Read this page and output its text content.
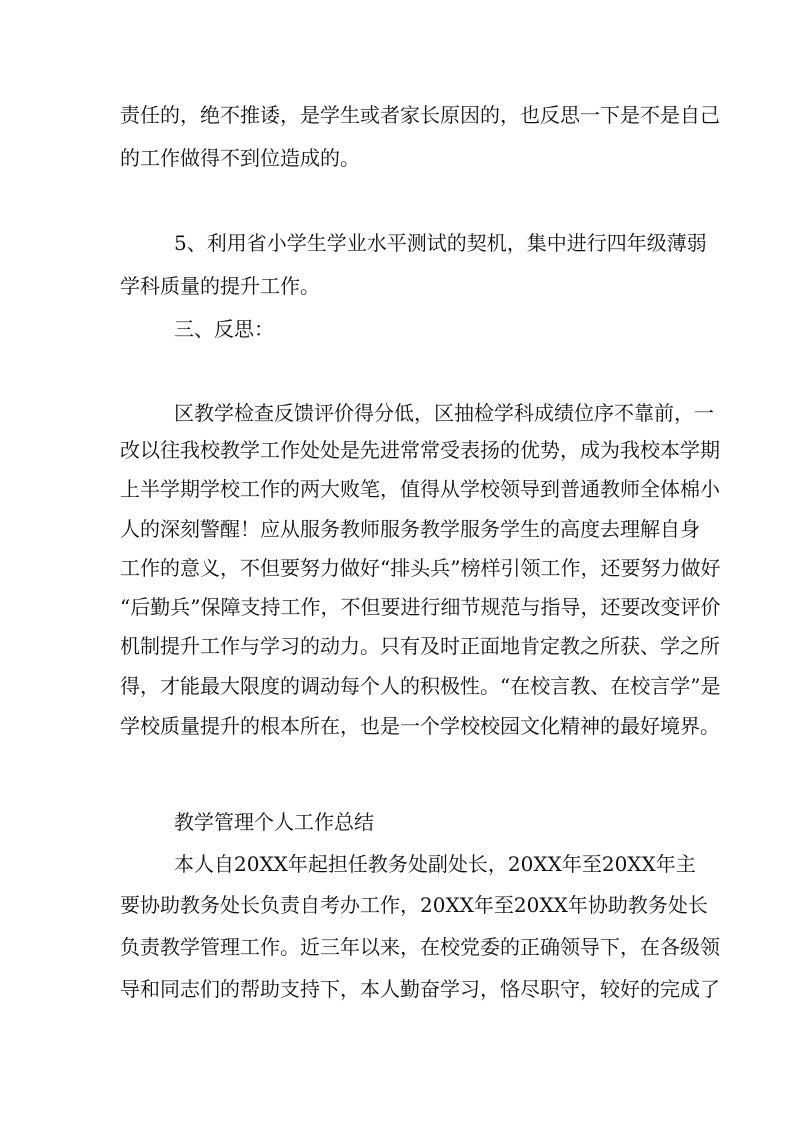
责任的，绝不推诿，是学生或者家长原因的，也反思一下是不是自己
的工作做得不到位造成的。
5、利用省小学生学业水平测试的契机，集中进行四年级薄弱
学科质量的提升工作。
三、反思：
区教学检查反馈评价得分低，区抽检学科成绩位序不靠前，一
改以往我校教学工作处处是先进常常受表扬的优势，成为我校本学期
上半学期学校工作的两大败笔，值得从学校领导到普通教师全体棉小
人的深刻警醒！应从服务教师服务教学服务学生的高度去理解自身
工作的意义，不但要努力做好“排头兵”榜样引领工作，还要努力做好
“后勤兵”保障支持工作，不但要进行细节规范与指导，还要改变评价
机制提升工作与学习的动力。只有及时正面地肯定教之所获、学之所
得，才能最大限度的调动每个人的积极性。“在校言教、在校言学”是
学校质量提升的根本所在，也是一个学校校园文化精神的最好境界。
教学管理个人工作总结
本人自20XX年起担任教务处副处长，20XX年至20XX年主
要协助教务处长负责自考办工作，20XX年至20XX年协助教务处长
负责教学管理工作。近三年以来，在校党委的正确领导下，在各级领
导和同志们的帮助支持下，本人勤奋学习，恪尽职守，较好的完成了
